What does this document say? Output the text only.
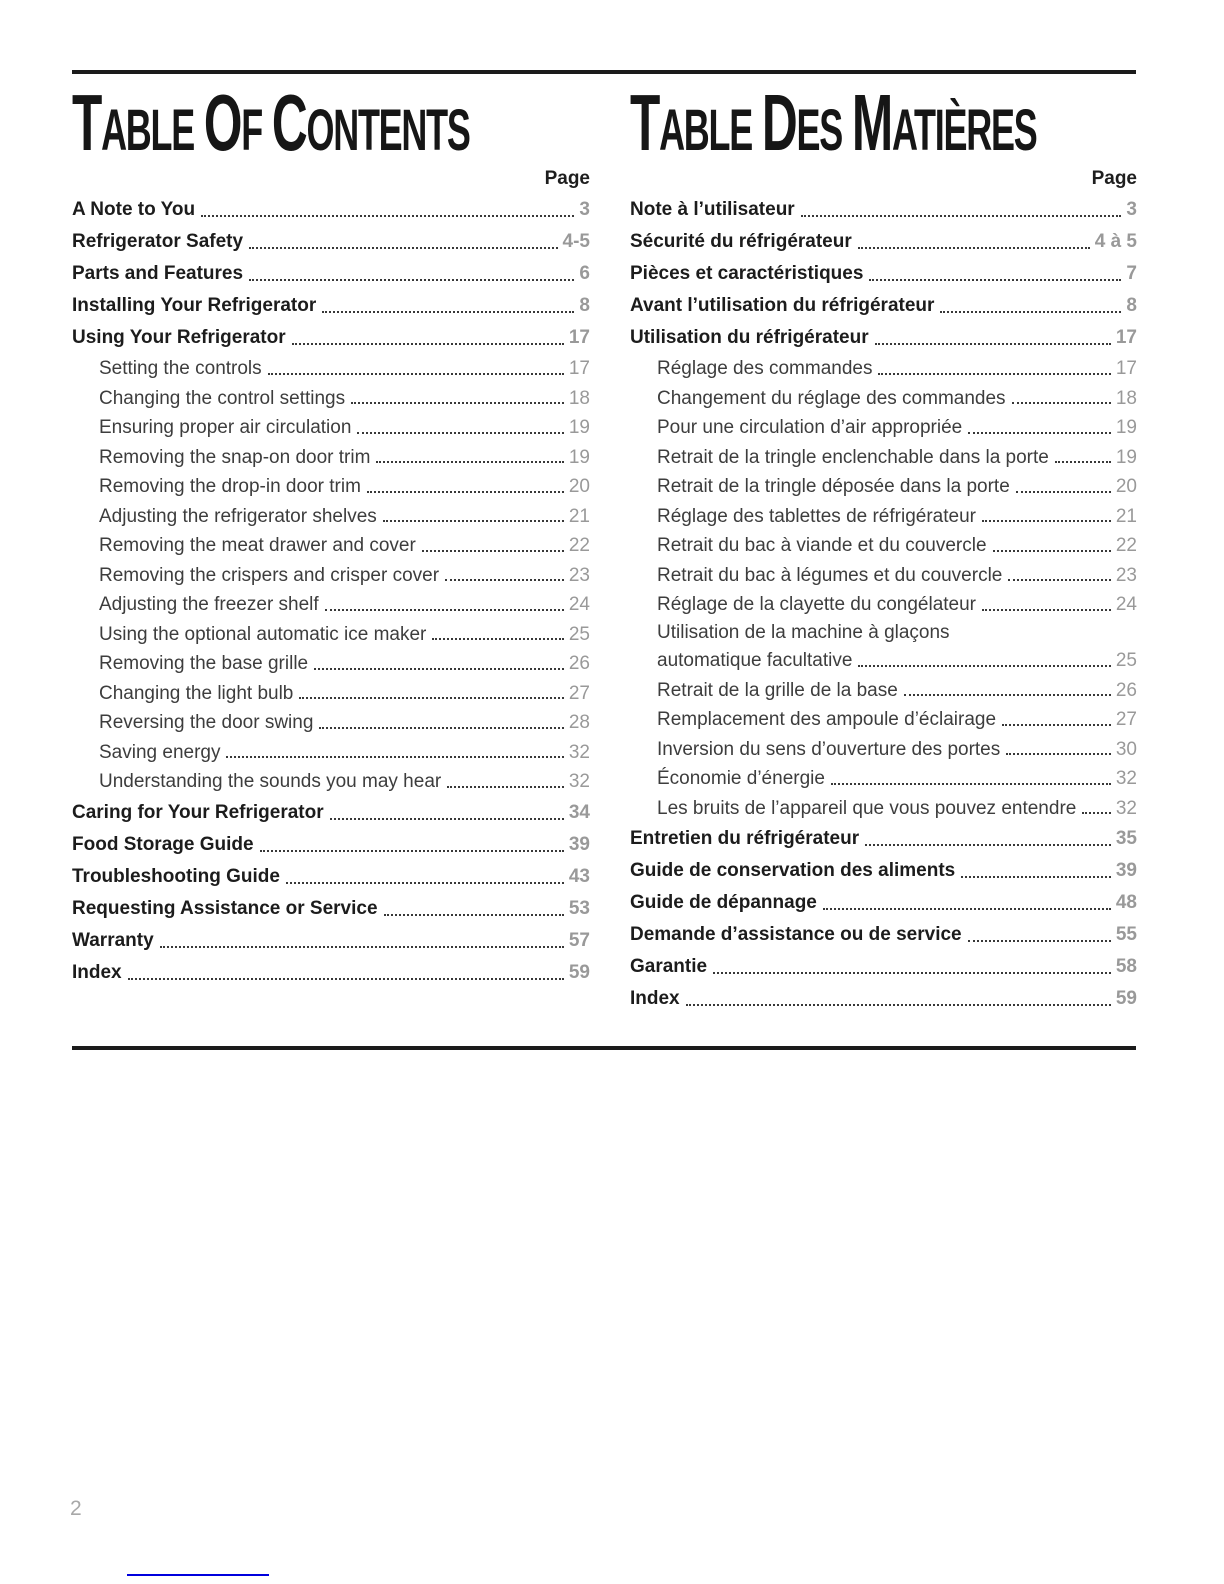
TABLE OF CONTENTS
Page
A Note to You	3
Refrigerator Safety	4-5
Parts and Features	6
Installing Your Refrigerator	8
Using Your Refrigerator	17
Setting the controls	17
Changing the control settings	18
Ensuring proper air circulation	19
Removing the snap-on door trim	19
Removing the drop-in door trim	20
Adjusting the refrigerator shelves	21
Removing the meat drawer and cover	22
Removing the crispers and crisper cover	23
Adjusting the freezer shelf	24
Using the optional automatic ice maker	25
Removing the base grille	26
Changing the light bulb	27
Reversing the door swing	28
Saving energy	32
Understanding the sounds you may hear	32
Caring for Your Refrigerator	34
Food Storage Guide	39
Troubleshooting Guide	43
Requesting Assistance or Service	53
Warranty	57
Index	59
TABLE DES MATIÈRES
Page
Note à l’utilisateur	3
Sécurité du réfrigérateur	4 à 5
Pièces et caractéristiques	7
Avant l’utilisation du réfrigérateur	8
Utilisation du réfrigérateur	17
Réglage des commandes	17
Changement du réglage des commandes	18
Pour une circulation d’air appropriée	19
Retrait de la tringle enclenchable dans la porte	19
Retrait de la tringle déposée dans la porte	20
Réglage des tablettes de réfrigérateur	21
Retrait du bac à viande et du couvercle	22
Retrait du bac à légumes et du couvercle	23
Réglage de la clayette du congélateur	24
Utilisation de la machine à glaçons
automatique facultative	25
Retrait de la grille de la base	26
Remplacement des ampoule d’éclairage	27
Inversion du sens d’ouverture des portes	30
Économie d’énergie	32
Les bruits de l’appareil que vous pouvez entendre 32
Entretien du réfrigérateur	35
Guide de conservation des aliments	39
Guide de dépannage	48
Demande d’assistance ou de service	55
Garantie	58
Index	59
2
